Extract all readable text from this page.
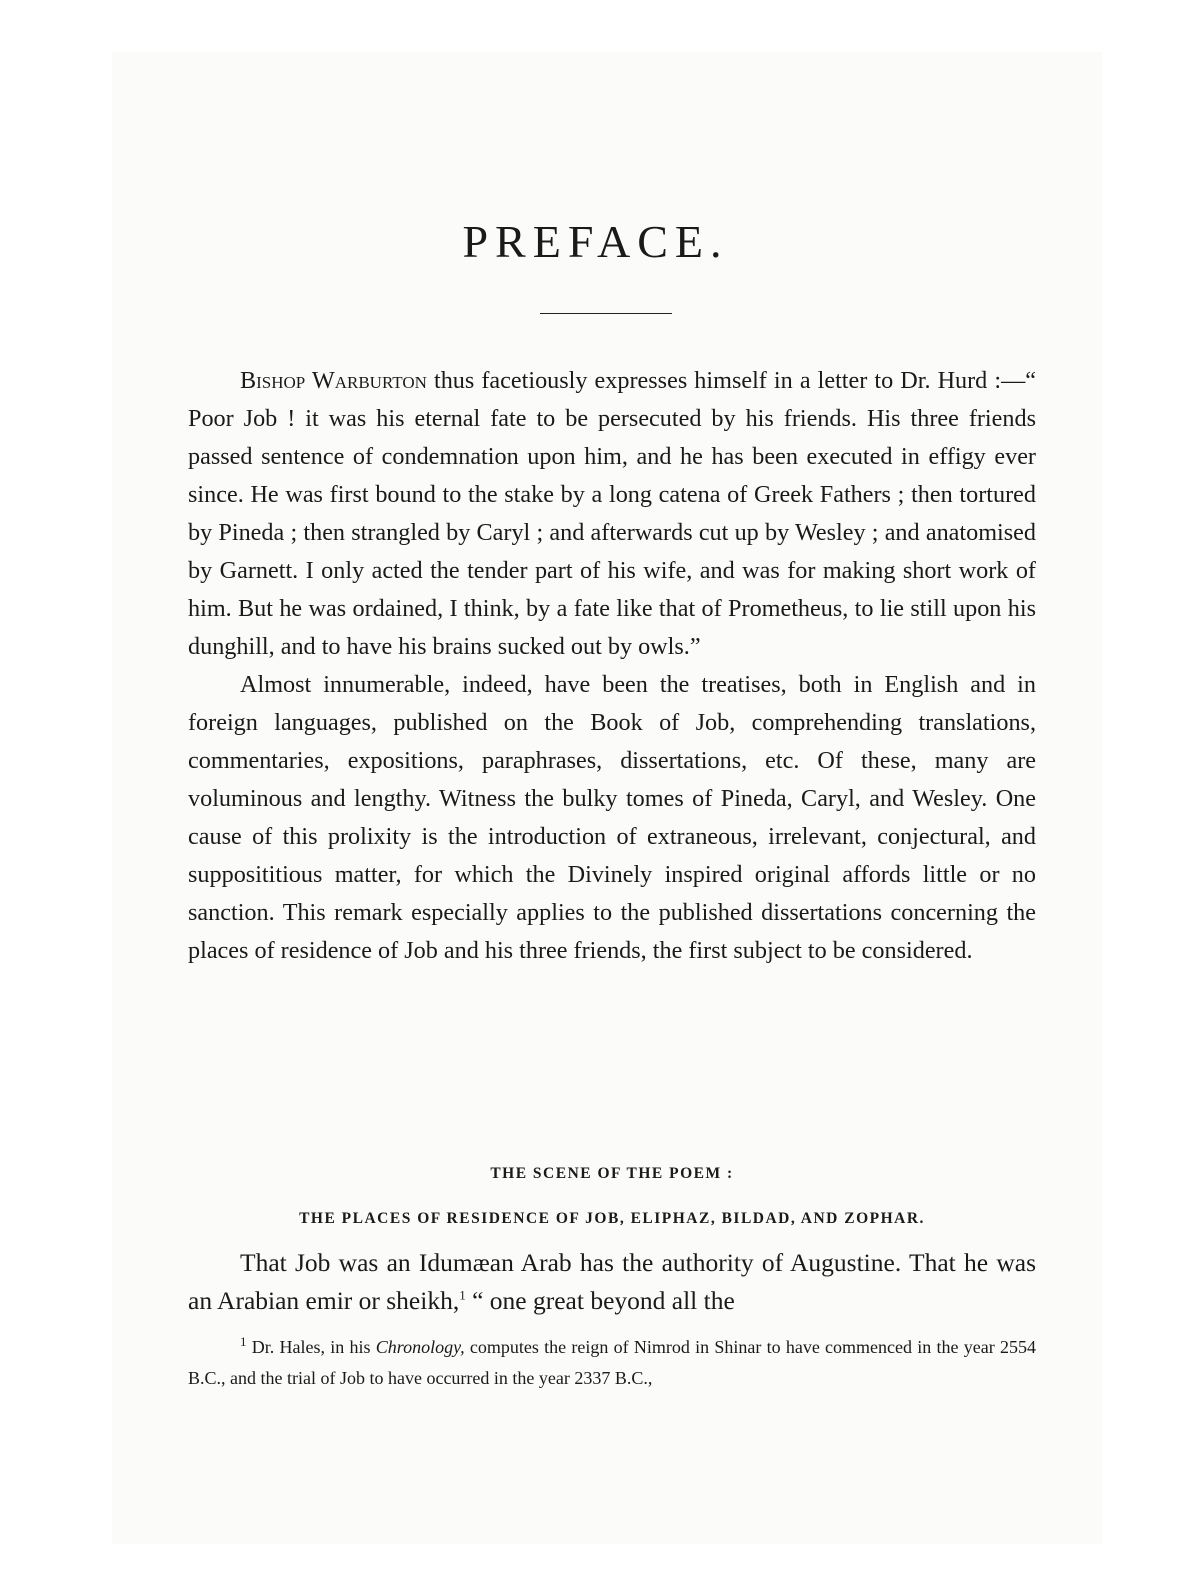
PREFACE.

Bishop Warburton thus facetiously expresses himself in a letter to Dr. Hurd :—“ Poor Job ! it was his eternal fate to be persecuted by his friends. His three friends passed sentence of condemnation upon him, and he has been executed in effigy ever since. He was first bound to the stake by a long catena of Greek Fathers ; then tortured by Pineda ; then strangled by Caryl ; and afterwards cut up by Wesley ; and anatomised by Garnett. I only acted the tender part of his wife, and was for making short work of him. But he was ordained, I think, by a fate like that of Prometheus, to lie still upon his dunghill, and to have his brains sucked out by owls.”

Almost innumerable, indeed, have been the treatises, both in English and in foreign languages, published on the Book of Job, comprehending translations, commentaries, expositions, paraphrases, dissertations, etc. Of these, many are voluminous and lengthy. Witness the bulky tomes of Pineda, Caryl, and Wesley. One cause of this prolixity is the introduction of extraneous, irrelevant, conjectural, and supposititious matter, for which the Divinely inspired original affords little or no sanction. This remark especially applies to the published dissertations concerning the places of residence of Job and his three friends, the first subject to be considered.

THE SCENE OF THE POEM :
THE PLACES OF RESIDENCE OF JOB, ELIPHAZ, BILDAD, AND ZOPHAR.

That Job was an Idumæan Arab has the authority of Augustine. That he was an Arabian emir or sheikh,$^1$ “ one great beyond all the

$^1$ Dr. Hales, in his Chronology, computes the reign of Nimrod in Shinar to have commenced in the year 2554 B.C., and the trial of Job to have occurred in the year 2337 B.C.,
